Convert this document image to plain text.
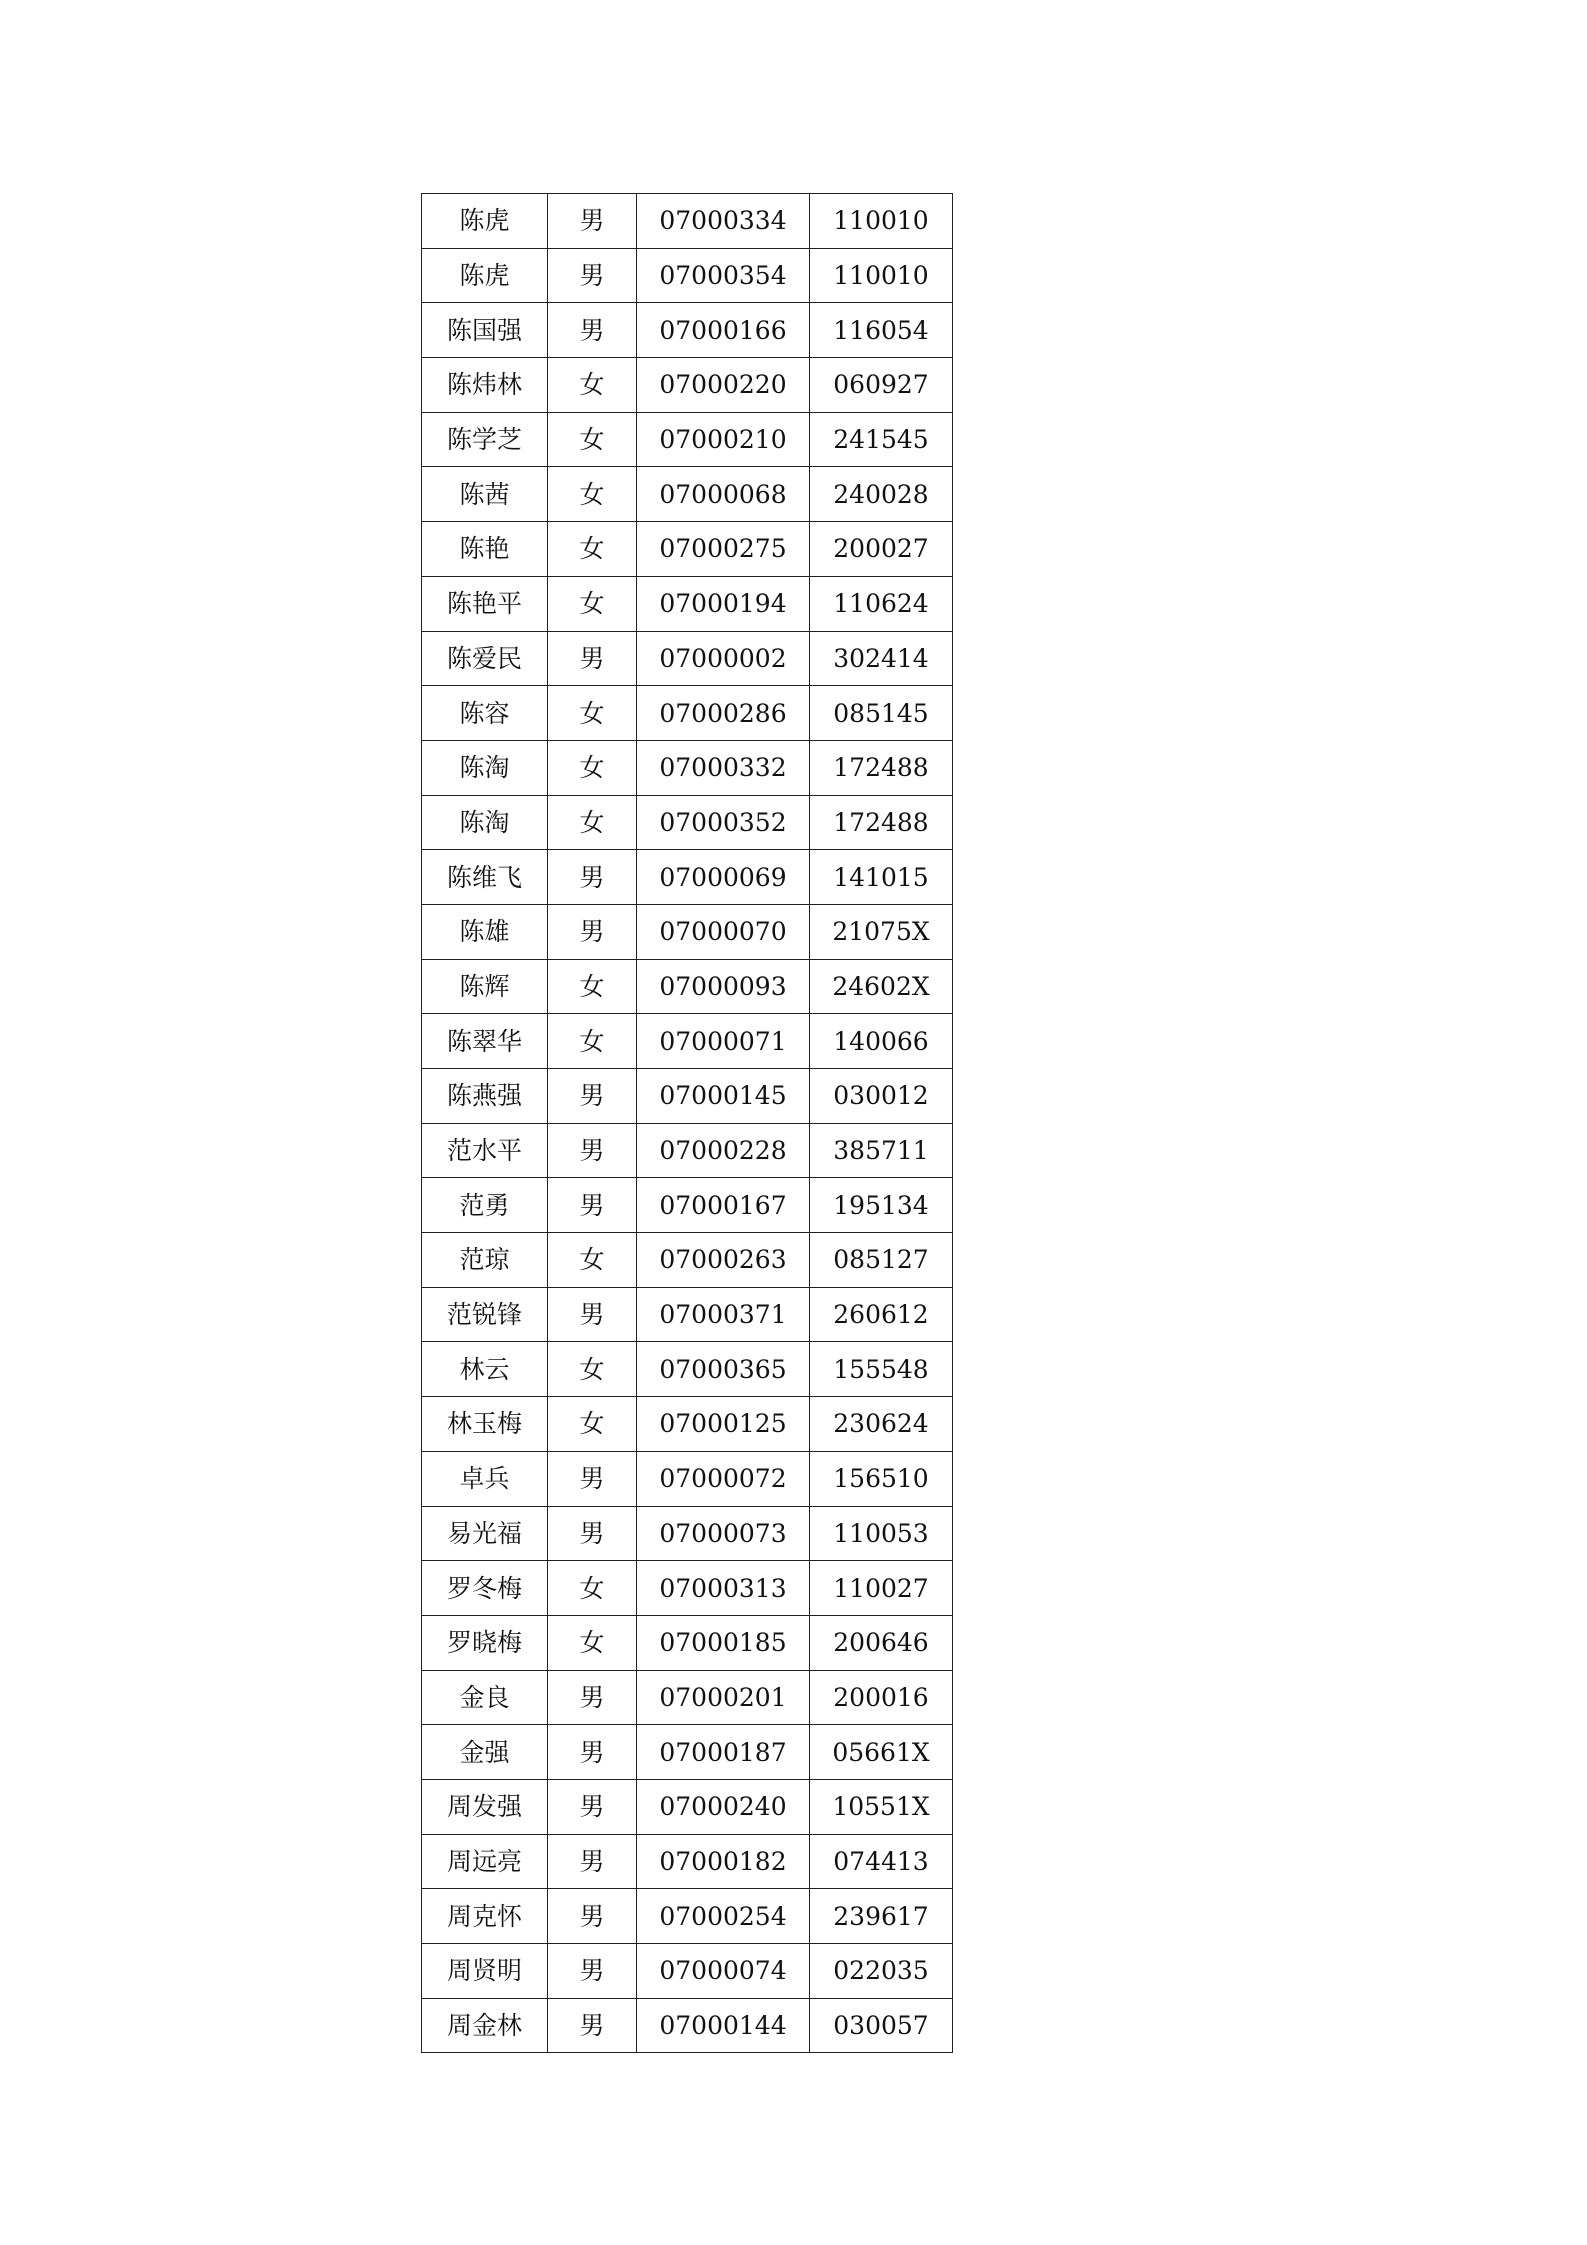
陈虎	男	07000334	110010
陈虎	男	07000354	110010
陈国强	男	07000166	116054
陈炜林	女	07000220	060927
陈学芝	女	07000210	241545
陈茜	女	07000068	240028
陈艳	女	07000275	200027
陈艳平	女	07000194	110624
陈爱民	男	07000002	302414
陈容	女	07000286	085145
陈淘	女	07000332	172488
陈淘	女	07000352	172488
陈维飞	男	07000069	141015
陈雄	男	07000070	21075X
陈辉	女	07000093	24602X
陈翠华	女	07000071	140066
陈燕强	男	07000145	030012
范水平	男	07000228	385711
范勇	男	07000167	195134
范琼	女	07000263	085127
范锐锋	男	07000371	260612
林云	女	07000365	155548
林玉梅	女	07000125	230624
卓兵	男	07000072	156510
易光福	男	07000073	110053
罗冬梅	女	07000313	110027
罗晓梅	女	07000185	200646
金良	男	07000201	200016
金强	男	07000187	05661X
周发强	男	07000240	10551X
周远亮	男	07000182	074413
周克怀	男	07000254	239617
周贤明	男	07000074	022035
周金林	男	07000144	030057
